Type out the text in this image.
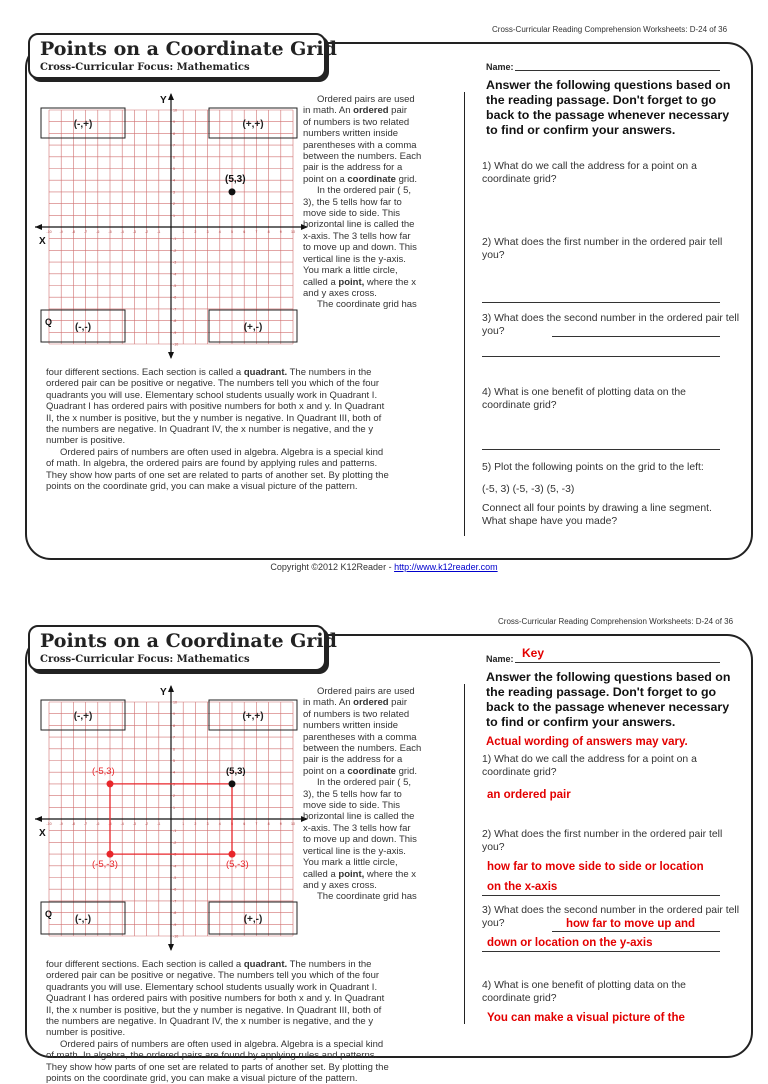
Cross-Curricular Reading Comprehension Worksheets: D-24 of 36
Points on a Coordinate Grid
Cross-Curricular Focus: Mathematics
(-,+)	(+,+)
(-,-)	(+,-)
-10
-10
-9
-9
-8
-8
-7
-7
-6
-6
-5
-5
-4
-4
-3
-3
-2
-2
-1
-1
1
1
2
2
3
3
4
4
5
5
6
6
7
7
8
8
9
9
10
10
Y
X
Q
(5,3)
Ordered pairs are used
in math. An ordered pair
of numbers is two related
numbers written inside
parentheses with a comma
between the numbers. Each
pair is the address for a
point on a coordinate grid.
In the ordered pair ( 5,
3), the 5 tells how far to
move side to side. This
horizontal line is called the
x-axis. The 3 tells how far
to move up and down. This
vertical line is the y-axis.
You mark a little circle,
called a point, where the x
and y axes cross.
The coordinate grid has
four different sections. Each section is called a quadrant. The numbers in the
ordered pair can be positive or negative. The numbers tell you which of the four
quadrants you will use. Elementary school students usually work in Quadrant I.
Quadrant I has ordered pairs with positive numbers for both x and y. In Quadrant
II, the x number is positive, but the y number is negative. In Quadrant III, both of
the numbers are negative. In Quadrant IV, the x number is negative, and the y
number is positive.
Ordered pairs of numbers are often used in algebra. Algebra is a special kind
of math. In algebra, the ordered pairs are found by applying rules and patterns.
They show how parts of one set are related to parts of another set. By plotting the
points on the coordinate grid, you can make a visual picture of the pattern.
Name:
Answer the following questions based on the reading passage. Don't forget to go back to the passage whenever necessary to find or confirm your answers.
1) What do we call the address for a point on a coordinate grid?
2) What does the first number in the ordered pair tell you?
3) What does the second number in the ordered pair tell you?
4) What is one benefit of plotting data on the coordinate grid?
5) Plot the following points on the grid to the left:
(-5, 3) (-5, -3) (5, -3)
Connect all four points by drawing a line segment. What shape have you made?
Copyright ©2012 K12Reader - http://www.k12reader.com
Cross-Curricular Reading Comprehension Worksheets: D-24 of 36
Points on a Coordinate Grid
Cross-Curricular Focus: Mathematics
(-,+)	(+,+)
(-,-)	(+,-)
-10
-10
-9
-9
-8
-8
-7
-7
-6
-6
-5
-5
-4
-4
-3
-3
-2
-2
-1
-1
1
1
2
2
3
3
4
4
5
5
6
6
7
7
8
8
9
9
10
10
Y
X
Q
(-5,3)	(5,3)
(-5,-3)	(5,-3)
Ordered pairs are used
in math. An ordered pair
of numbers is two related
numbers written inside
parentheses with a comma
between the numbers. Each
pair is the address for a
point on a coordinate grid.
In the ordered pair ( 5,
3), the 5 tells how far to
move side to side. This
horizontal line is called the
x-axis. The 3 tells how far
to move up and down. This
vertical line is the y-axis.
You mark a little circle,
called a point, where the x
and y axes cross.
The coordinate grid has
four different sections. Each section is called a quadrant. The numbers in the
ordered pair can be positive or negative. The numbers tell you which of the four
quadrants you will use. Elementary school students usually work in Quadrant I.
Quadrant I has ordered pairs with positive numbers for both x and y. In Quadrant
II, the x number is positive, but the y number is negative. In Quadrant III, both of
the numbers are negative. In Quadrant IV, the x number is negative, and the y
number is positive.
Ordered pairs of numbers are often used in algebra. Algebra is a special kind
of math. In algebra, the ordered pairs are found by applying rules and patterns.
They show how parts of one set are related to parts of another set. By plotting the
points on the coordinate grid, you can make a visual picture of the pattern.
Name: Key
Answer the following questions based on the reading passage. Don't forget to go back to the passage whenever necessary to find or confirm your answers.
Actual wording of answers may vary.
1) What do we call the address for a point on a coordinate grid?
an ordered pair
2) What does the first number in the ordered pair tell you?
how far to move side to side or location
on the x-axis
3) What does the second number in the ordered pair tell you?	how far to move up and
down or location on the y-axis
4) What is one benefit of plotting data on the coordinate grid?
You can make a visual picture of the
